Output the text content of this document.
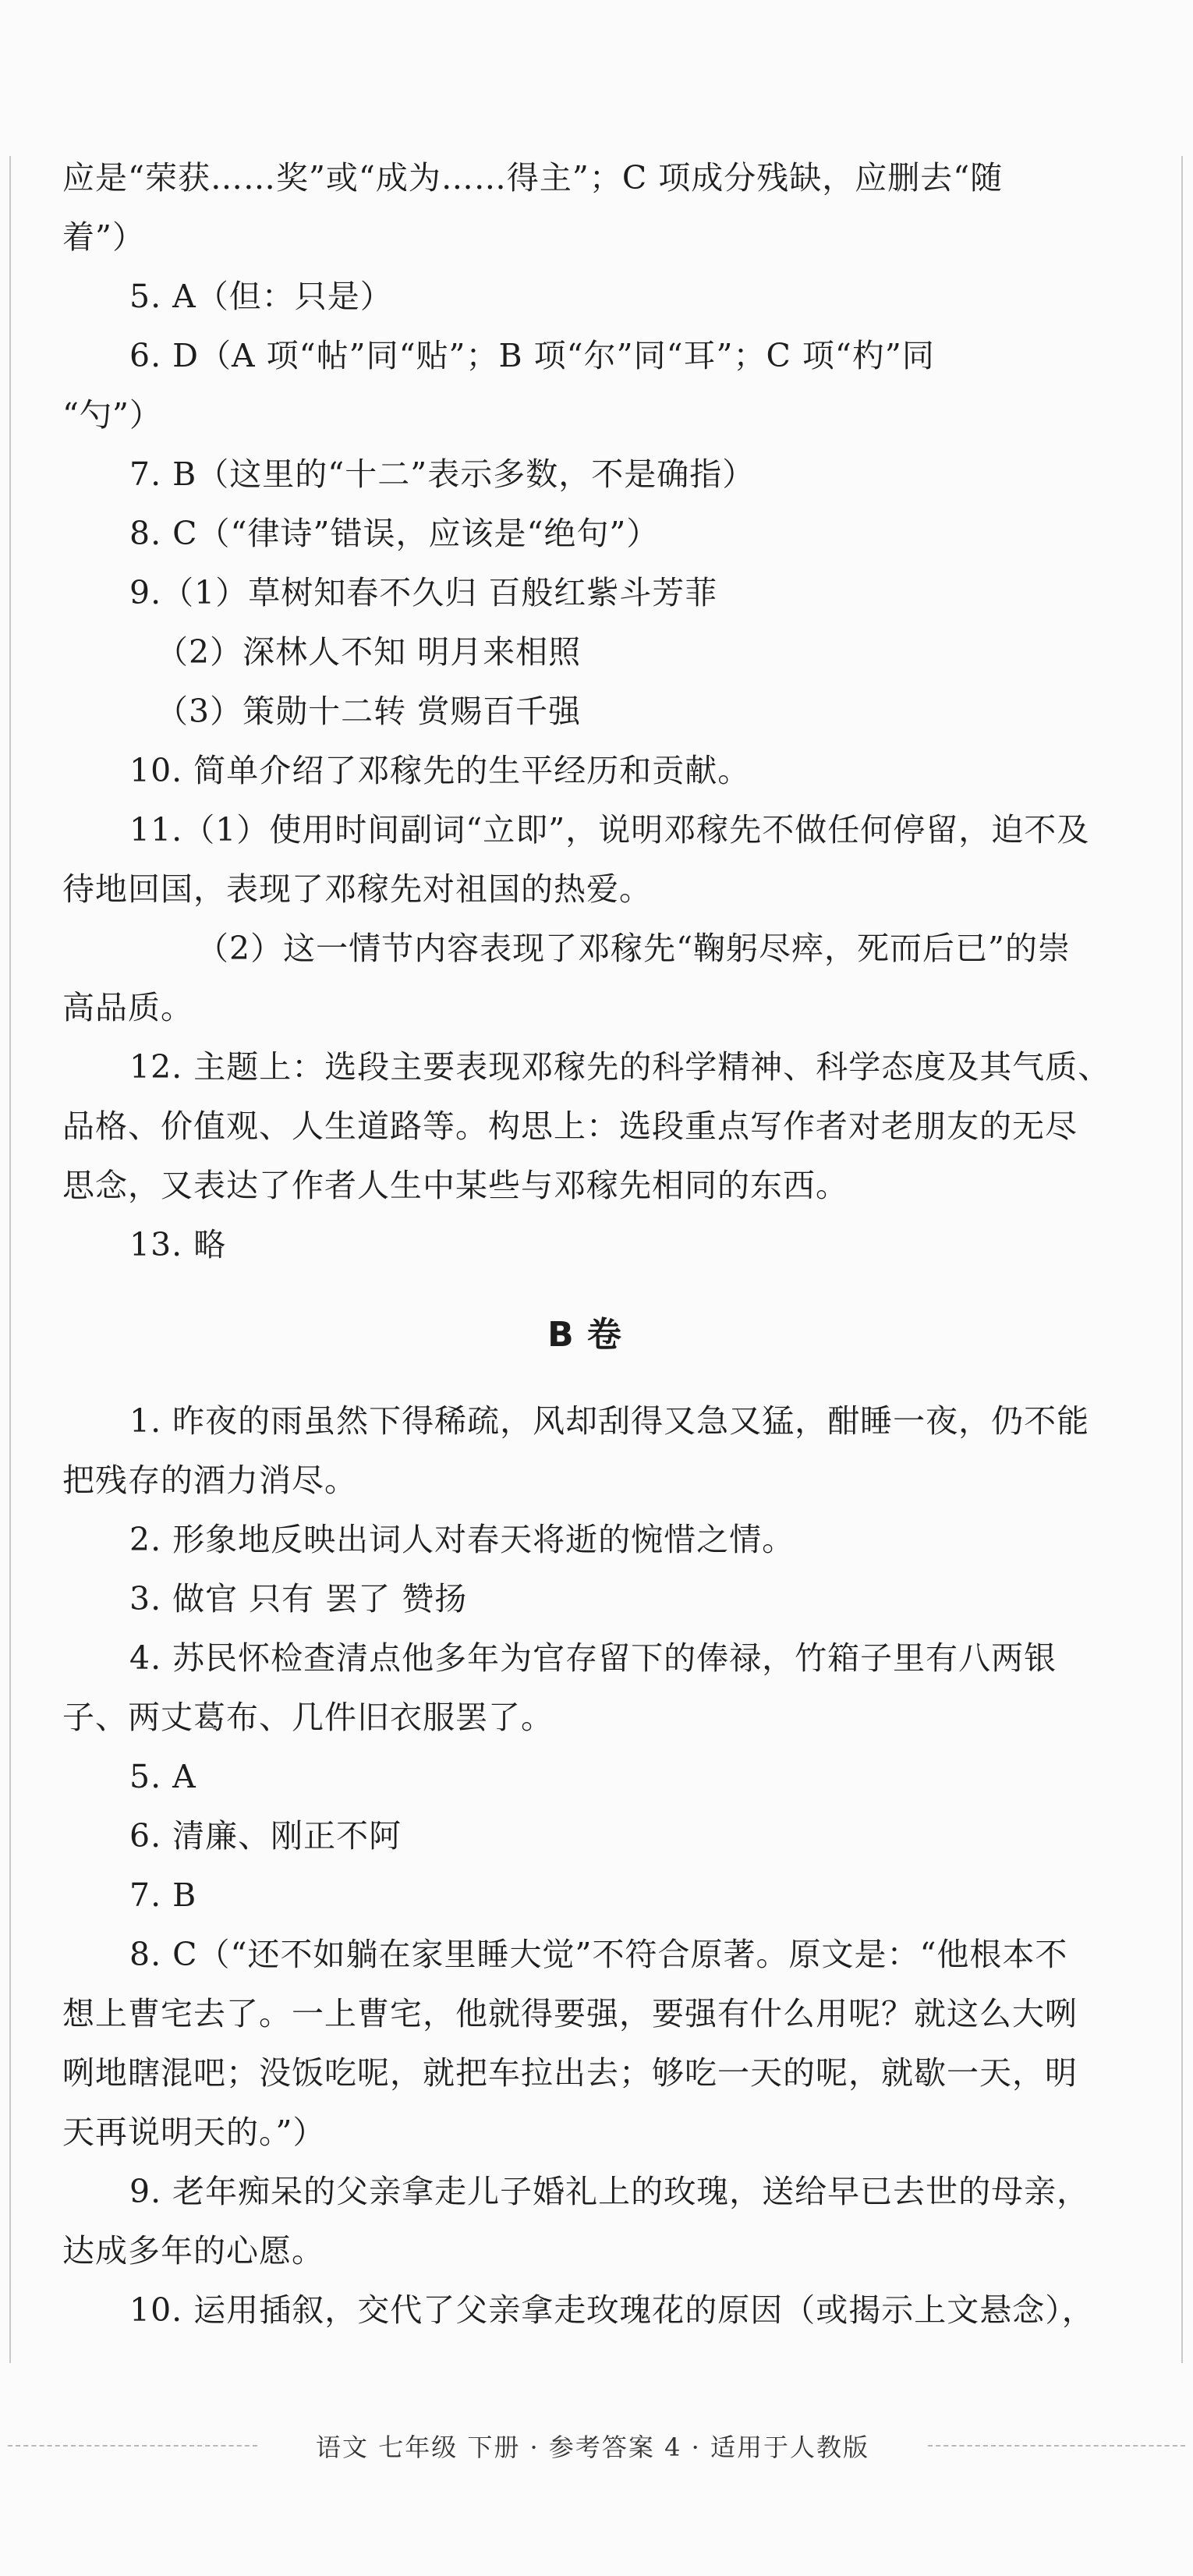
应是“荣获……奖”或“成为……得主”；C 项成分残缺，应删去“随
着”）
5. A（但：只是）
6. D（A 项“帖”同“贴”；B 项“尔”同“耳”；C 项“杓”同
“勺”）
7. B（这里的“十二”表示多数，不是确指）
8. C（“律诗”错误，应该是“绝句”）
9.（1）草树知春不久归 百般红紫斗芳菲
（2）深林人不知 明月来相照
（3）策勋十二转 赏赐百千强
10. 简单介绍了邓稼先的生平经历和贡献。
11.（1）使用时间副词“立即”，说明邓稼先不做任何停留，迫不及
待地回国，表现了邓稼先对祖国的热爱。
（2）这一情节内容表现了邓稼先“鞠躬尽瘁，死而后已”的崇
高品质。
12. 主题上：选段主要表现邓稼先的科学精神、科学态度及其气质、
品格、价值观、人生道路等。构思上：选段重点写作者对老朋友的无尽
思念，又表达了作者人生中某些与邓稼先相同的东西。
13. 略
B 卷
1. 昨夜的雨虽然下得稀疏，风却刮得又急又猛，酣睡一夜，仍不能
把残存的酒力消尽。
2. 形象地反映出词人对春天将逝的惋惜之情。
3. 做官 只有 罢了 赞扬
4. 苏民怀检查清点他多年为官存留下的俸禄，竹箱子里有八两银
子、两丈葛布、几件旧衣服罢了。
5. A
6. 清廉、刚正不阿
7. B
8. C（“还不如躺在家里睡大觉”不符合原著。原文是：“他根本不
想上曹宅去了。一上曹宅，他就得要强，要强有什么用呢？就这么大咧
咧地瞎混吧；没饭吃呢，就把车拉出去；够吃一天的呢，就歇一天，明
天再说明天的。”）
9. 老年痴呆的父亲拿走儿子婚礼上的玫瑰，送给早已去世的母亲，
达成多年的心愿。
10. 运用插叙，交代了父亲拿走玫瑰花的原因（或揭示上文悬念），
语文 七年级 下册 · 参考答案 4 · 适用于人教版
